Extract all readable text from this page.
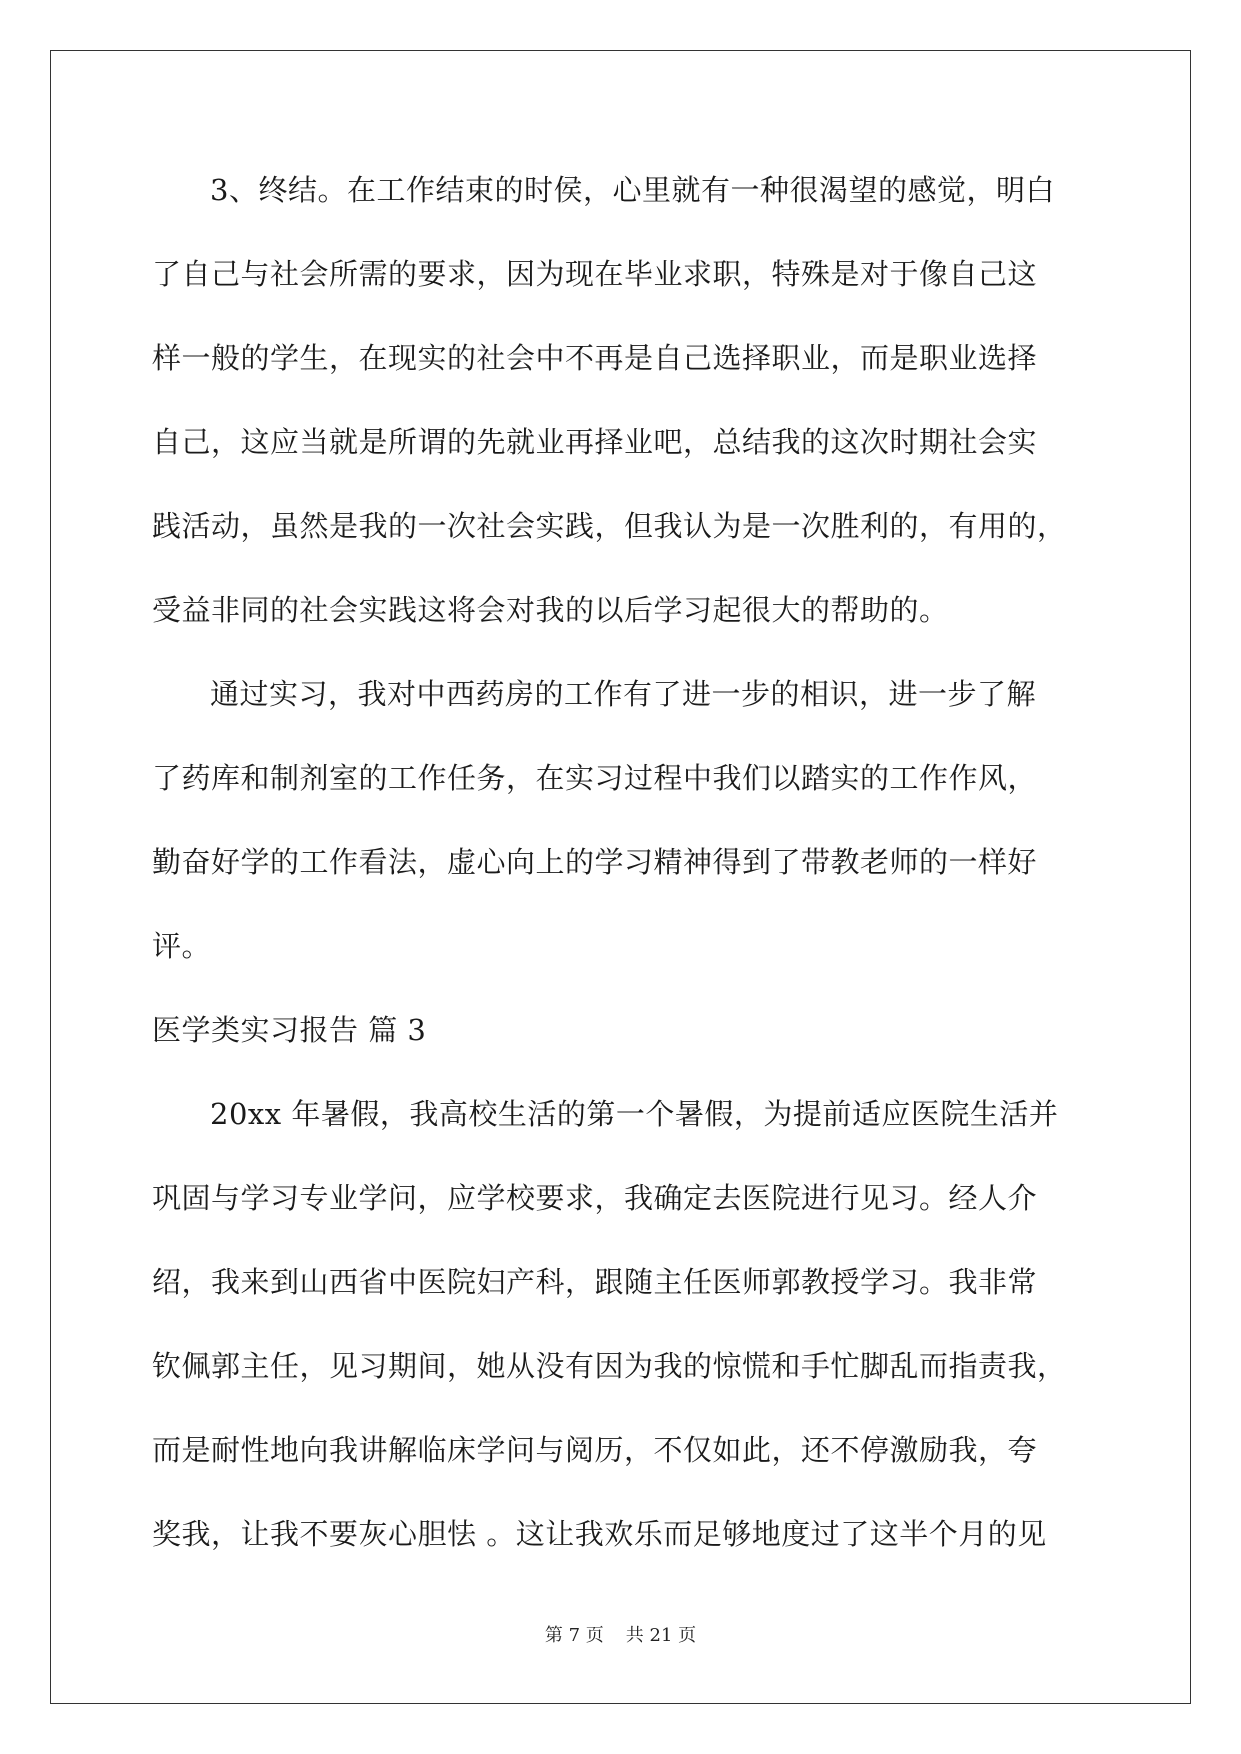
3、终结。在工作结束的时侯，心里就有一种很渴望的感觉，明白
了自己与社会所需的要求，因为现在毕业求职，特殊是对于像自己这
样一般的学生，在现实的社会中不再是自己选择职业，而是职业选择
自己，这应当就是所谓的先就业再择业吧，总结我的这次时期社会实
践活动，虽然是我的一次社会实践，但我认为是一次胜利的，有用的，
受益非同的社会实践这将会对我的以后学习起很大的帮助的。
通过实习，我对中西药房的工作有了进一步的相识，进一步了解
了药库和制剂室的工作任务，在实习过程中我们以踏实的工作作风，
勤奋好学的工作看法，虚心向上的学习精神得到了带教老师的一样好
评。
医学类实习报告 篇 3
20xx 年暑假，我高校生活的第一个暑假，为提前适应医院生活并
巩固与学习专业学问，应学校要求，我确定去医院进行见习。经人介
绍，我来到山西省中医院妇产科，跟随主任医师郭教授学习。我非常
钦佩郭主任，见习期间，她从没有因为我的惊慌和手忙脚乱而指责我，
而是耐性地向我讲解临床学问与阅历，不仅如此，还不停激励我，夸
奖我，让我不要灰心胆怯 。这让我欢乐而足够地度过了这半个月的见
第 7 页 共 21 页
